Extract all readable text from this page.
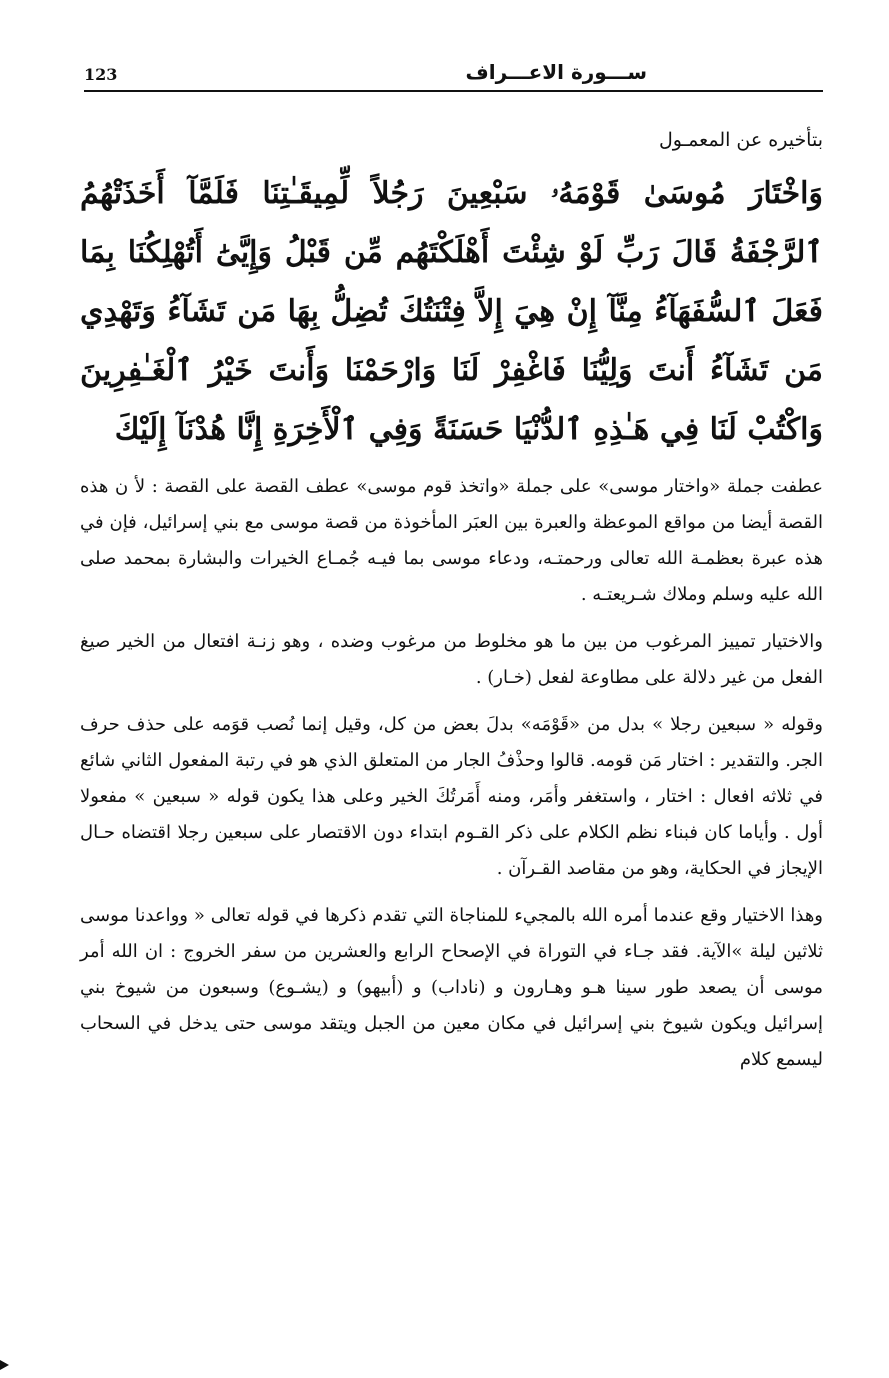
123	ســـورة الاعـــراف

بتأخيره عن المعمـول

وَاخْتَارَ مُوسَىٰ قَوْمَهُۥ سَبْعِينَ رَجُلاً لِّمِيقَـٰتِنَا فَلَمَّآ أَخَذَتْهُمُ ٱلرَّجْفَةُ قَالَ رَبِّ لَوْ شِئْتَ أَهْلَكْتَهُم مِّن قَبْلُ وَإِيَّىَٰ أَتُهْلِكُنَا بِمَا فَعَلَ ٱلسُّفَهَآءُ مِنَّآ إِنْ هِيَ إِلاَّ فِتْنَتُكَ تُضِلُّ بِهَا مَن تَشَآءُ وَتَهْدِي مَن تَشَآءُ أَنتَ وَلِيُّنَا فَاغْفِرْ لَنَا وَارْحَمْنَا وَأَنتَ خَيْرُ ٱلْغَـٰفِرِينَ وَاكْتُبْ لَنَا فِي هَـٰذِهِ ٱلدُّنْيَا حَسَنَةً وَفِي ٱلْأَخِرَةِ إِنَّا هُدْنَآ إِلَيْكَ

عطفت جملة «واختار موسى» على جملة «واتخذ قوم موسى» عطف القصة على القصة : لأ ن هذه القصة أيضا من مواقع الموعظة والعبرة بين العبَر المأخوذة من قصة موسى مع بني إسرائيل، فإن في هذه عبرة بعظمـة الله تعالى ورحمتـه، ودعاء موسى بما فيـه جُمـاع الخيرات والبشارة بمحمد صلى الله عليه وسلم وملاك شـريعتـه .

والاختيار تمييز المرغوب من بين ما هو مخلوط من مرغوب وضده ، وهو زنـة افتعال من الخير صيغ الفعل من غير دلالة على مطاوعة لفعل (خـار) .

وقوله « سبعين رجلا » بدل من «قَوْمَه» بدلَ بعض من كل، وقيل إنما نُصب قوَمه على حذف حرف الجر. والتقدير : اختار مَن قومه. قالوا وحذْفُ الجار من المتعلق الذي هو في رتبة المفعول الثاني شائع في ثلاثه افعال : اختار ، واستغفر وأمَر، ومنه أَمَرتُكَ الخير وعلى هذا يكون قوله « سبعين » مفعولا أول . وأياما كان فبناء نظم الكلام على ذكر القـوم ابتداء دون الاقتصار على سبعين رجلا اقتضاه حـال الإيجاز في الحكاية، وهو من مقاصد القـرآن .

وهذا الاختيار وقع عندما أمره الله بالمجيء للمناجاة التي تقدم ذكرها في قوله تعالى « وواعدنا موسى ثلاثين ليلة »الآية. فقد جـاء في التوراة في الإصحاح الرابع والعشرين من سفر الخروج : ان الله أمر موسى أن يصعد طور سينا هـو وهـارون و (ناداب) و (أبيهو) و (يشـوع) وسبعون من شيوخ بني إسرائيل ويكون شيوخ بني إسرائيل في مكان معين من الجبل ويتقد موسى حتى يدخل في السحاب ليسمع كلام
